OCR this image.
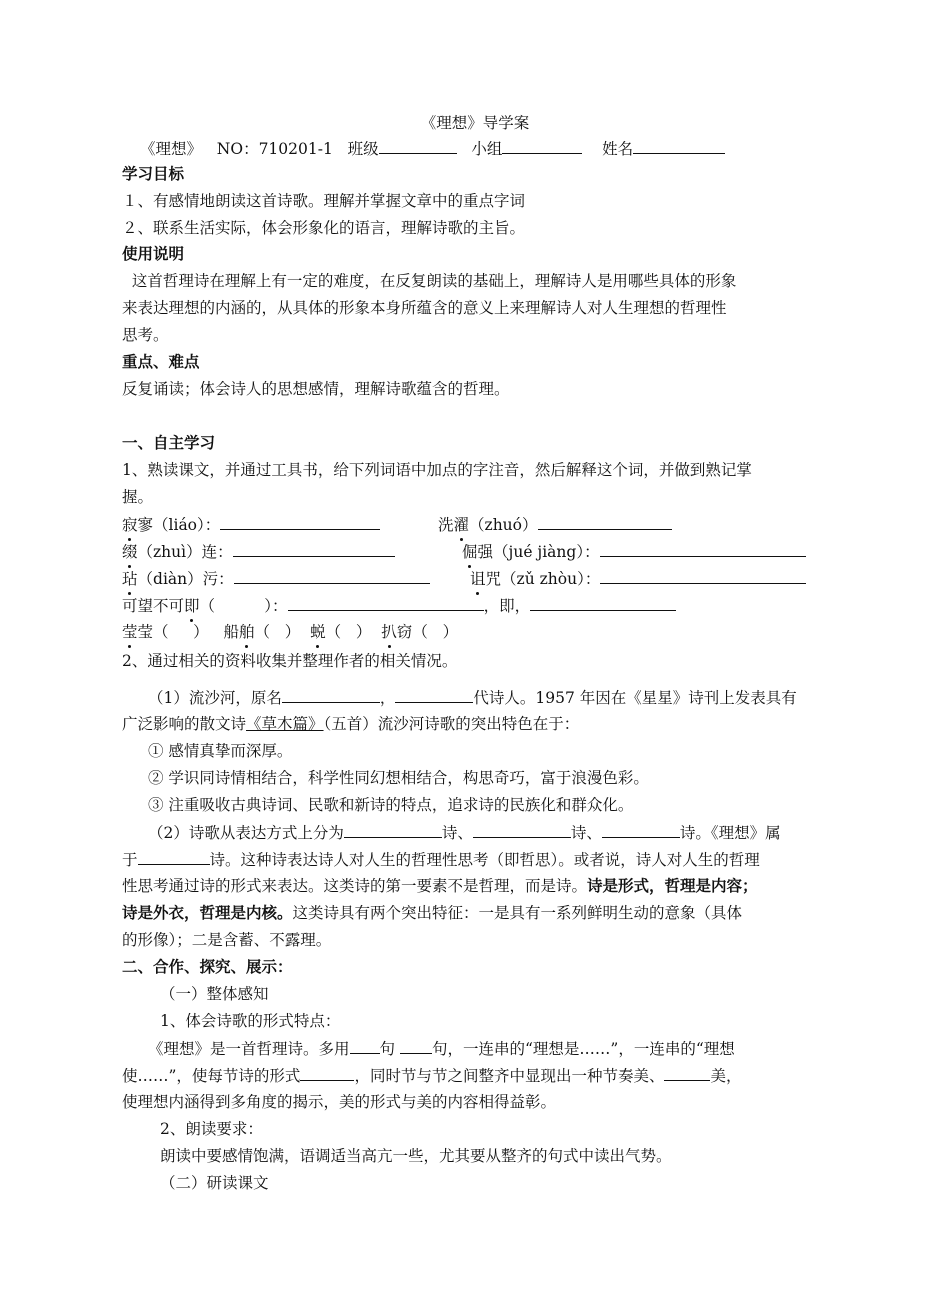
《理想》导学案
《理想》 NO：710201-1 班级	小组	姓名
学习目标
１、有感情地朗读这首诗歌。理解并掌握文章中的重点字词
２、联系生活实际，体会形象化的语言，理解诗歌的主旨。
使用说明
这首哲理诗在理解上有一定的难度，在反复朗读的基础上，理解诗人是用哪些具体的形象
来表达理想的内涵的，从具体的形象本身所蕴含的意义上来理解诗人对人生理想的哲理性
思考。
重点、难点
反复诵读；体会诗人的思想感情，理解诗歌蕴含的哲理。
一、自主学习
1、熟读课文，并通过工具书，给下列词语中加点的字注音，然后解释这个词，并做到熟记掌
握。
寂寥（liáo）：	洗濯（zhuó）
缀（zhuì）连：	倔强（jué jiàng）：
玷（diàn）污：	诅咒（zǔ zhòu）：
可望不可即（          ）：	，即，
莹莹（     ） 船舶（   ） 蜕（   ） 扒窃（   ）
2、通过相关的资料收集并整理作者的相关情况。
（1）流沙河，原名	，	代诗人。1957 年因在《星星》诗刊上发表具有
广泛影响的散文诗《草木篇》（五首）流沙河诗歌的突出特色在于：
① 感情真挚而深厚。
② 学识同诗情相结合，科学性同幻想相结合，构思奇巧，富于浪漫色彩。
③ 注重吸收古典诗词、民歌和新诗的特点，追求诗的民族化和群众化。
（2）诗歌从表达方式上分为	诗、	诗、	诗。《理想》属
于	诗。这种诗表达诗人对人生的哲理性思考（即哲思）。或者说，诗人对人生的哲理
性思考通过诗的形式来表达。这类诗的第一要素不是哲理，而是诗。诗是形式，哲理是内容；
诗是外衣，哲理是内核。这类诗具有两个突出特征：一是具有一系列鲜明生动的意象（具体
的形像）；二是含蓄、不露理。
二、合作、探究、展示：
（一）整体感知
1、体会诗歌的形式特点：
《理想》是一首哲理诗。多用 句 句，一连串的“理想是……”，一连串的“理想
使……”，使每节诗的形式	，同时节与节之间整齐中显现出一种节奏美、	美，
使理想内涵得到多角度的揭示，美的形式与美的内容相得益彰。
2、朗读要求：
朗读中要感情饱满，语调适当高亢一些，尤其要从整齐的句式中读出气势。
（二）研读课文
